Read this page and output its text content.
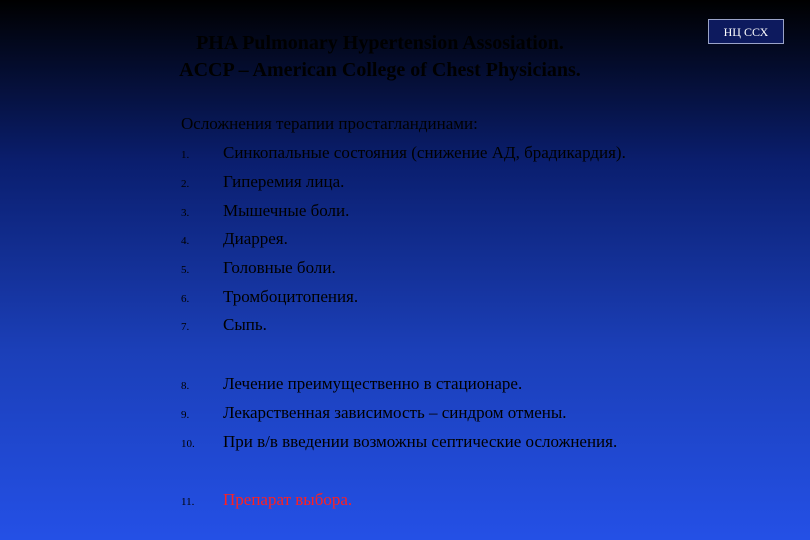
PHA Pulmonary Hypertension Assosiation.
ACCP – American College of Chest Physicians.
НЦ ССХ
Осложнения терапии простагландинами:
1. Синкопальные состояния (снижение АД, брадикардия).
2. Гиперемия лица.
3. Мышечные боли.
4. Диаррея.
5. Головные боли.
6. Тромбоцитопения.
7. Сыпь.
8. Лечение преимущественно в стационаре.
9. Лекарственная зависимость – синдром отмены.
10. При в/в введении возможны септические осложнения.
11. Препарат выбора.
